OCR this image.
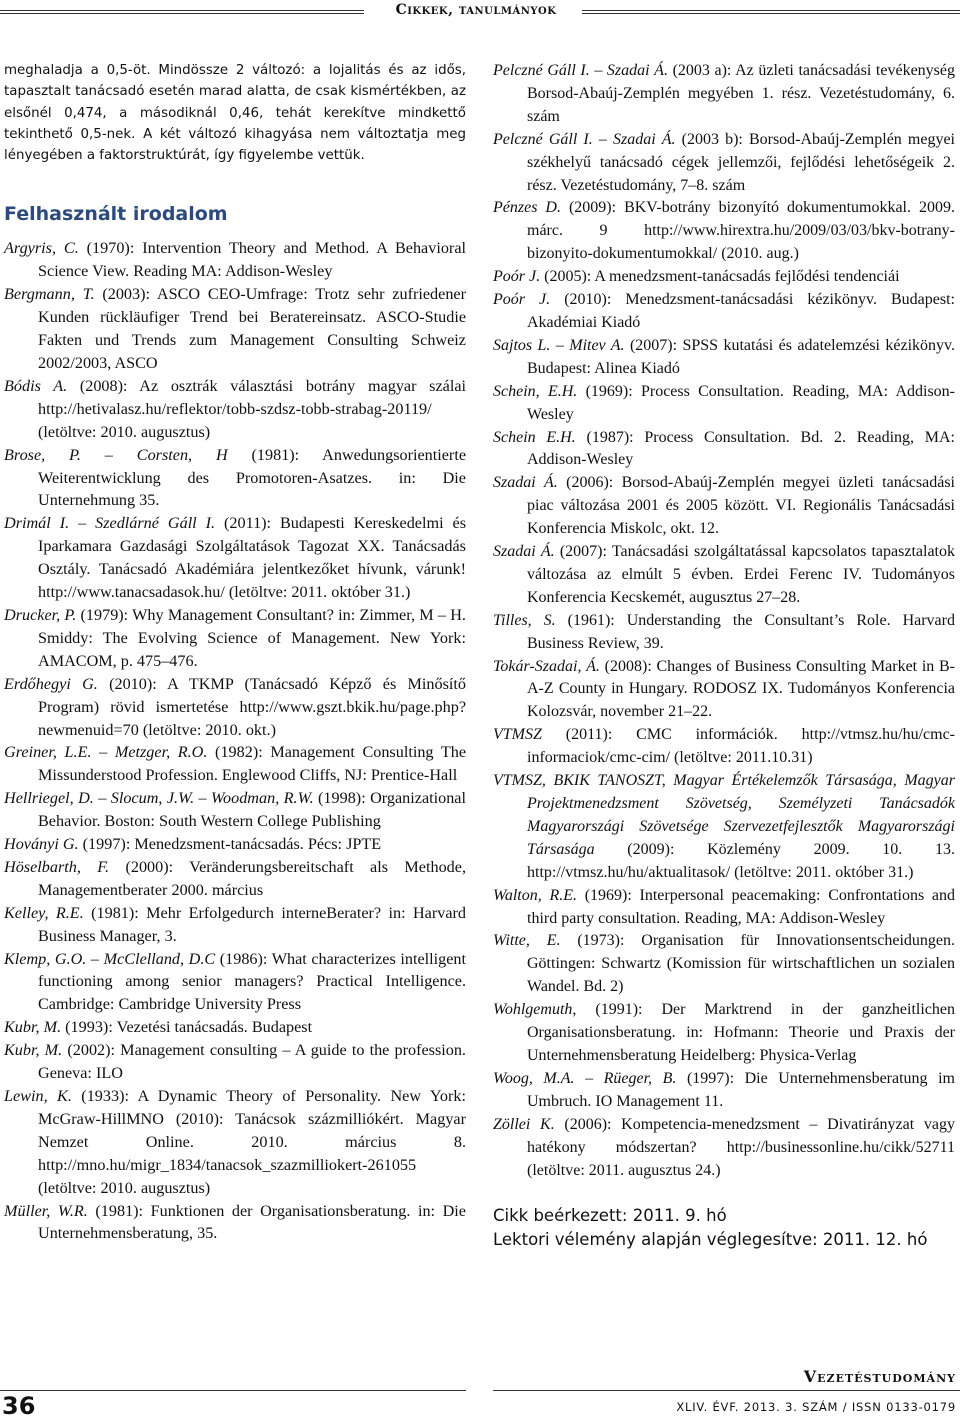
Cikkek, tanulmányok

meghaladja a 0,5-öt. Mindössze 2 változó: a lojalitás és az idős, tapasztalt tanácsadó esetén marad alatta, de csak kismértékben, az elsőnél 0,474, a másodiknál 0,46, tehát kerekítve mindkettő tekinthető 0,5-nek. A két változó kihagyása nem változtatja meg lényegében a faktorstruktúrát, így figyelembe vettük.

Felhasznált irodalom

Argyris, C. (1970): Intervention Theory and Method. A Behavioral Science View. Reading MA: Addison-Wesley

Bergmann, T. (2003): ASCO CEO-Umfrage: Trotz sehr zufriedener Kunden rückläufiger Trend bei Beratereinsatz. ASCO-Studie Fakten und Trends zum Management Consulting Schweiz 2002/2003, ASCO

Bódis A. (2008): Az osztrák választási botrány magyar szálai http://hetivalasz.hu/reflektor/tobb-szdsz-tobb-strabag-20119/ (letöltve: 2010. augusztus)

Brose, P. – Corsten, H (1981): Anwedungsorientierte Weiterentwicklung des Promotoren-Asatzes. in: Die Unternehmung 35.

Drimál I. – Szedlárné Gáll I. (2011): Budapesti Kereskedelmi és Iparkamara Gazdasági Szolgáltatások Tagozat XX. Tanácsadás Osztály. Tanácsadó Akadémiára jelentkezőket hívunk, várunk! http://www.tanacsadasok.hu/ (letöltve: 2011. október 31.)

Drucker, P. (1979): Why Management Consultant? in: Zimmer, M – H. Smiddy: The Evolving Science of Management. New York: AMACOM, p. 475–476.

Erdőhegyi G. (2010): A TKMP (Tanácsadó Képző és Minősítő Program) rövid ismertetése http://www.gszt.bkik.hu/page.php?newmenuid=70 (letöltve: 2010. okt.)

Greiner, L.E. – Metzger, R.O. (1982): Management Consulting The Missunderstood Profession. Englewood Cliffs, NJ: Prentice-Hall

Hellriegel, D. – Slocum, J.W. – Woodman, R.W. (1998): Organizational Behavior. Boston: South Western College Publishing

Hoványi G. (1997): Menedzsment-tanácsadás. Pécs: JPTE

Höselbarth, F. (2000): Veränderungsbereitschaft als Methode, Managementberater 2000. március

Kelley, R.E. (1981): Mehr Erfolgedurch interneBerater? in: Harvard Business Manager, 3.

Klemp, G.O. – McClelland, D.C (1986): What characterizes intelligent functioning among senior managers? Practical Intelligence. Cambridge: Cambridge University Press

Kubr, M. (1993): Vezetési tanácsadás. Budapest

Kubr, M. (2002): Management consulting – A guide to the profession. Geneva: ILO

Lewin, K. (1933): A Dynamic Theory of Personality. New York: McGraw-HillMNO (2010): Tanácsok százmilliókért. Magyar Nemzet Online. 2010. március 8. http://mno.hu/migr_1834/tanacsok_szazmilliokert-261055 (letöltve: 2010. augusztus)

Müller, W.R. (1981): Funktionen der Organisationsberatung. in: Die Unternehmensberatung, 35.

Pelczné Gáll I. – Szadai Á. (2003 a): Az üzleti tanácsadási tevékenység Borsod-Abaúj-Zemplén megyében 1. rész. Vezetéstudomány, 6. szám

Pelczné Gáll I. – Szadai Á. (2003 b): Borsod-Abaúj-Zemplén megyei székhelyű tanácsadó cégek jellemzői, fejlődési lehetőségeik 2. rész. Vezetéstudomány, 7–8. szám

Pénzes D. (2009): BKV-botrány bizonyító dokumentumokkal. 2009. márc. 9 http://www.hirextra.hu/2009/03/03/bkv-botrany-bizonyito-dokumentumokkal/ (2010. aug.)

Poór J. (2005): A menedzsment-tanácsadás fejlődési tendenciái

Poór J. (2010): Menedzsment-tanácsadási kézikönyv. Budapest: Akadémiai Kiadó

Sajtos L. – Mitev A. (2007): SPSS kutatási és adatelemzési kézikönyv. Budapest: Alinea Kiadó

Schein, E.H. (1969): Process Consultation. Reading, MA: Addison-Wesley

Schein E.H. (1987): Process Consultation. Bd. 2. Reading, MA: Addison-Wesley

Szadai Á. (2006): Borsod-Abaúj-Zemplén megyei üzleti tanácsadási piac változása 2001 és 2005 között. VI. Regionális Tanácsadási Konferencia Miskolc, okt. 12.

Szadai Á. (2007): Tanácsadási szolgáltatással kapcsolatos tapasztalatok változása az elmúlt 5 évben. Erdei Ferenc IV. Tudományos Konferencia Kecskemét, augusztus 27–28.

Tilles, S. (1961): Understanding the Consultant’s Role. Harvard Business Review, 39.

Tokár-Szadai, Á. (2008): Changes of Business Consulting Market in B-A-Z County in Hungary. RODOSZ IX. Tudományos Konferencia Kolozsvár, november 21–22.

VTMSZ (2011): CMC információk. http://vtmsz.hu/hu/cmc-informaciok/cmc-cim/ (letöltve: 2011.10.31)

VTMSZ, BKIK TANOSZT, Magyar Értékelemzők Társasága, Magyar Projektmenedzsment Szövetség, Személyzeti Tanácsadók Magyarországi Szövetsége Szervezetfejlesztők Magyarországi Társasága (2009): Közlemény 2009. 10. 13. http://vtmsz.hu/hu/aktualitasok/ (letöltve: 2011. október 31.)

Walton, R.E. (1969): Interpersonal peacemaking: Confrontations and third party consultation. Reading, MA: Addison-Wesley

Witte, E. (1973): Organisation für Innovationsentscheidungen. Göttingen: Schwartz (Komission für wirtschaftlichen un sozialen Wandel. Bd. 2)

Wohlgemuth, (1991): Der Marktrend in der ganzheitlichen Organisationsberatung. in: Hofmann: Theorie und Praxis der Unternehmensberatung Heidelberg: Physica-Verlag

Woog, M.A. – Rüeger, B. (1997): Die Unternehmensberatung im Umbruch. IO Management 11.

Zöllei K. (2006): Kompetencia-menedzsment – Divatirányzat vagy hatékony módszertan? http://businessonline.hu/cikk/52711 (letöltve: 2011. augusztus 24.)

Cikk beérkezett: 2011. 9. hó

Lektori vélemény alapján véglegesítve: 2011. 12. hó

36
Vezetéstudomány
XLIV. ÉVF. 2013. 3. SZÁM / ISSN 0133-0179
